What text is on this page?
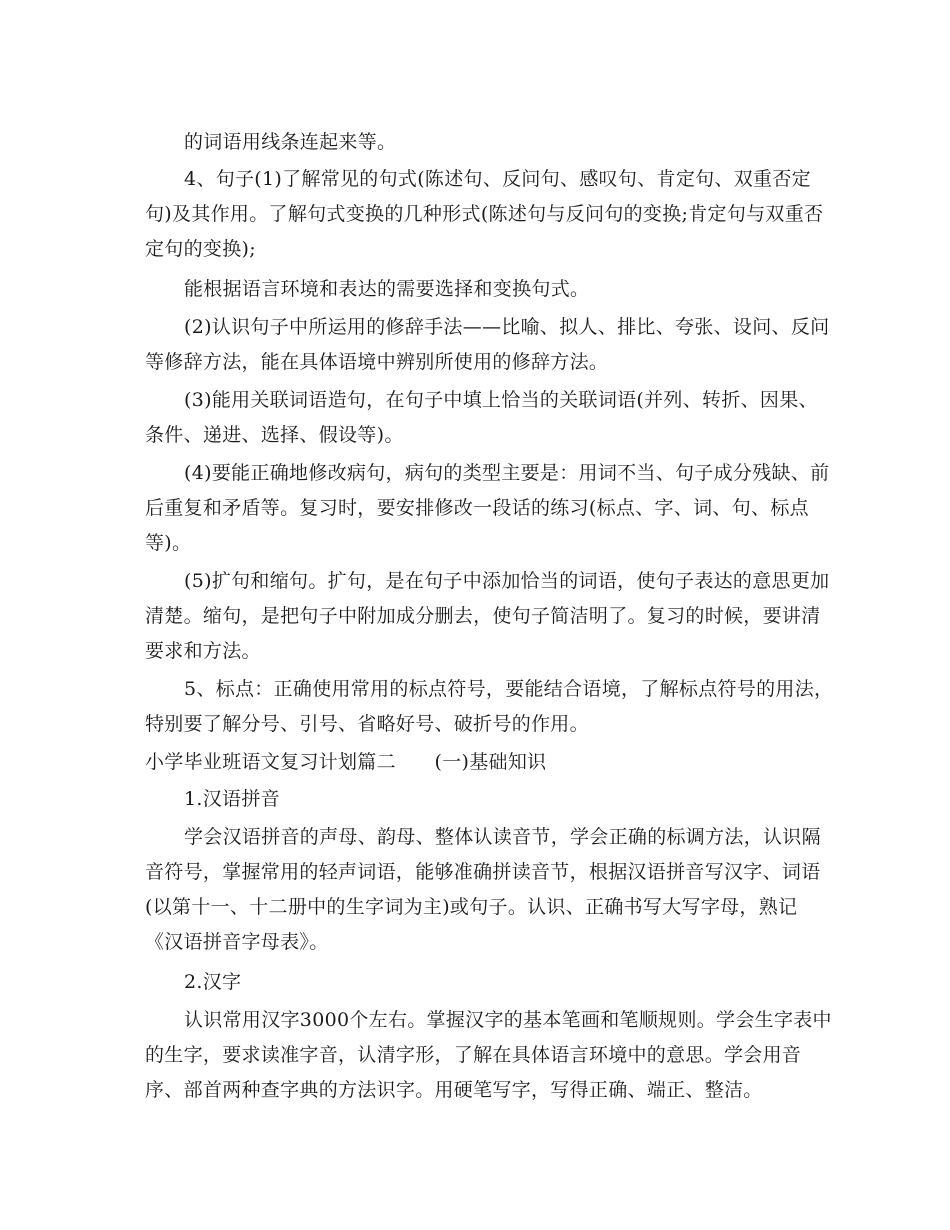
的词语用线条连起来等。
4、句子(1)了解常见的句式(陈述句、反问句、感叹句、肯定句、双重否定
句)及其作用。了解句式变换的几种形式(陈述句与反问句的变换;肯定句与双重否
定句的变换);
能根据语言环境和表达的需要选择和变换句式。
(2)认识句子中所运用的修辞手法——比喻、拟人、排比、夸张、设问、反问
等修辞方法，能在具体语境中辨别所使用的修辞方法。
(3)能用关联词语造句，在句子中填上恰当的关联词语(并列、转折、因果、
条件、递进、选择、假设等)。
(4)要能正确地修改病句，病句的类型主要是：用词不当、句子成分残缺、前
后重复和矛盾等。复习时，要安排修改一段话的练习(标点、字、词、句、标点
等)。
(5)扩句和缩句。扩句，是在句子中添加恰当的词语，使句子表达的意思更加
清楚。缩句，是把句子中附加成分删去，使句子简洁明了。复习的时候，要讲清
要求和方法。
5、标点：正确使用常用的标点符号，要能结合语境，了解标点符号的用法，
特别要了解分号、引号、省略好号、破折号的作用。
小学毕业班语文复习计划篇二　　(一)基础知识
1.汉语拼音
学会汉语拼音的声母、韵母、整体认读音节，学会正确的标调方法，认识隔
音符号，掌握常用的轻声词语，能够准确拼读音节，根据汉语拼音写汉字、词语
(以第十一、十二册中的生字词为主)或句子。认识、正确书写大写字母，熟记
《汉语拼音字母表》。
2.汉字
认识常用汉字3000个左右。掌握汉字的基本笔画和笔顺规则。学会生字表中
的生字，要求读准字音，认清字形，了解在具体语言环境中的意思。学会用音
序、部首两种查字典的方法识字。用硬笔写字，写得正确、端正、整洁。
